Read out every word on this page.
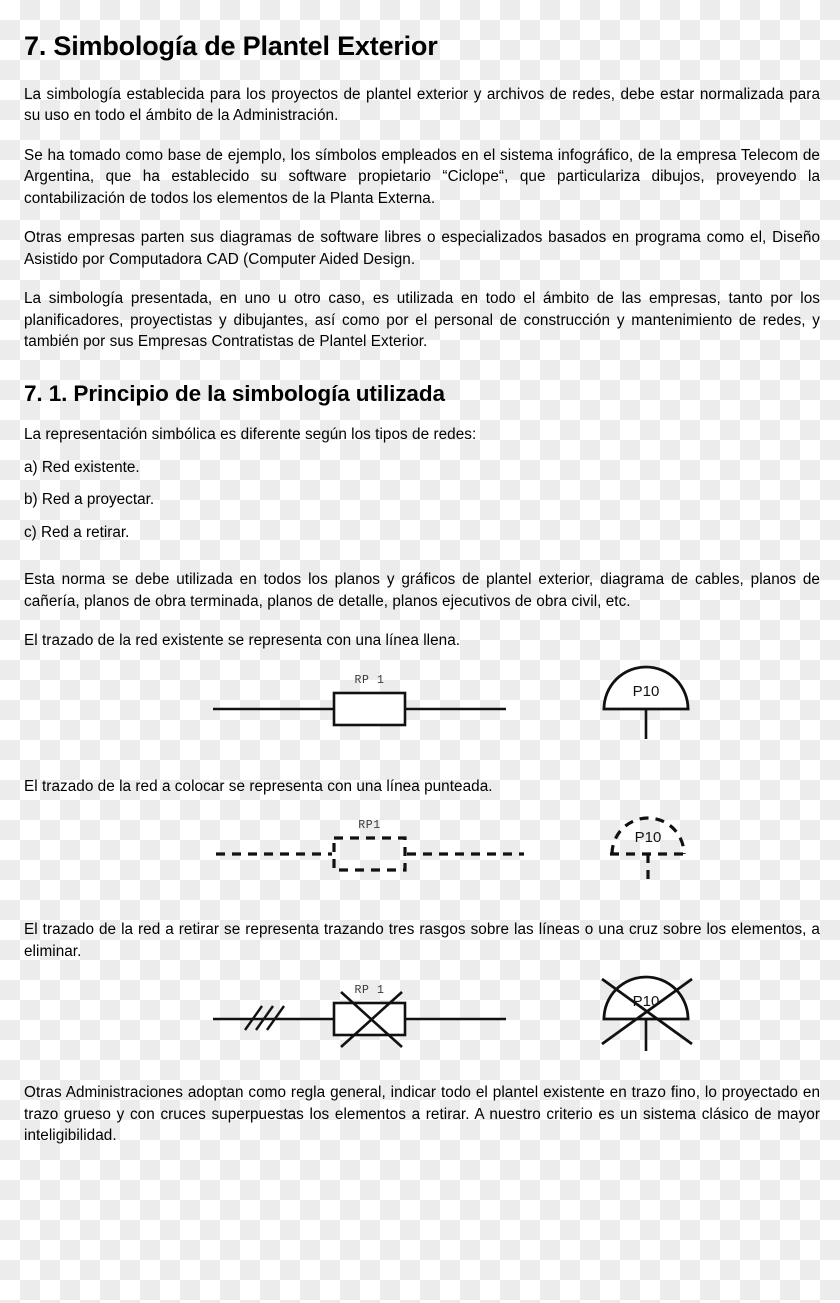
7. Simbología de Plantel Exterior

La simbología establecida para los proyectos de plantel exterior y archivos de redes, debe estar normalizada para su uso en todo el ámbito de la Administración.

Se ha tomado como base de ejemplo, los símbolos empleados en el sistema infográfico, de la empresa Telecom de Argentina, que ha establecido su software propietario “Ciclope“, que particulariza dibujos, proveyendo la contabilización de todos los elementos de la Planta Externa.

Otras empresas parten sus diagramas de software libres o especializados basados en programa como el, Diseño Asistido por Computadora CAD (Computer Aided Design.

La simbología presentada, en uno u otro caso, es utilizada en todo el ámbito de las empresas, tanto por los planificadores, proyectistas y dibujantes, así como por el personal de construcción y mantenimiento de redes, y también por sus Empresas Contratistas de Plantel Exterior.

7. 1. Principio de la simbología utilizada

La representación simbólica es diferente según los tipos de redes:

a) Red existente.
b) Red a proyectar.
c) Red a retirar.

Esta norma se debe utilizada en todos los planos y gráficos de plantel exterior, diagrama de cables, planos de cañería, planos de obra terminada, planos de detalle, planos ejecutivos de obra civil, etc.

El trazado de la red existente se representa con una línea llena.

RP 1
P10

El trazado de la red a colocar se representa con una línea punteada.

RP1
P10

El trazado de la red a retirar se representa trazando tres rasgos sobre las líneas o una cruz sobre los elementos, a eliminar.

RP 1
P10

Otras Administraciones adoptan como regla general, indicar todo el plantel existente en trazo fino, lo proyectado en trazo grueso y con cruces superpuestas los elementos a retirar. A nuestro criterio es un sistema clásico de mayor inteligibilidad.
